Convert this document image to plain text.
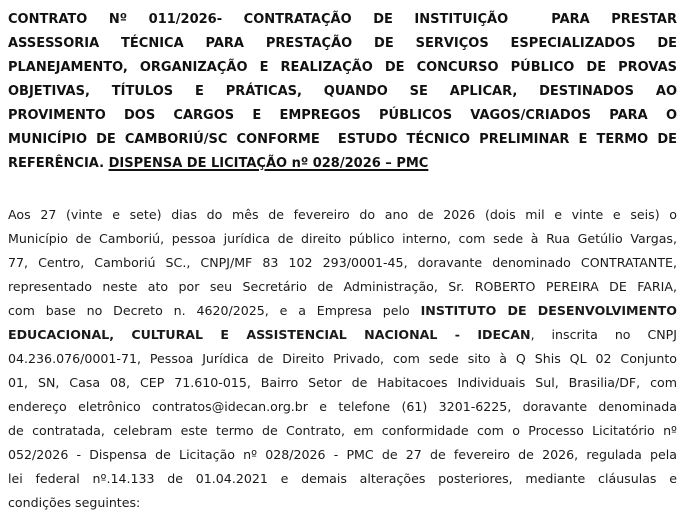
CONTRATO Nº 011/2026- CONTRATAÇÃO DE INSTITUIÇÃO  PARA PRESTAR
ASSESSORIA TÉCNICA PARA PRESTAÇÃO DE SERVIÇOS ESPECIALIZADOS DE
PLANEJAMENTO, ORGANIZAÇÃO E REALIZAÇÃO DE CONCURSO PÚBLICO DE PROVAS
OBJETIVAS, TÍTULOS E PRÁTICAS, QUANDO SE APLICAR, DESTINADOS AO
PROVIMENTO DOS CARGOS E EMPREGOS PÚBLICOS VAGOS/CRIADOS PARA O
MUNICÍPIO DE CAMBORIÚ/SC CONFORME  ESTUDO TÉCNICO PRELIMINAR E TERMO DE
REFERÊNCIA. DISPENSA DE LICITAÇÃO nº 028/2026 – PMC
Aos 27 (vinte e sete) dias do mês de fevereiro do ano de 2026 (dois mil e vinte e seis) o
Município de Camboriú, pessoa jurídica de direito público interno, com sede à Rua Getúlio Vargas,
77, Centro, Camboriú SC., CNPJ/MF 83 102 293/0001-45, doravante denominado CONTRATANTE,
representado neste ato por seu Secretário de Administração, Sr. ROBERTO PEREIRA DE FARIA,
com base no Decreto n. 4620/2025, e a Empresa pelo INSTITUTO DE DESENVOLVIMENTO
EDUCACIONAL, CULTURAL E ASSISTENCIAL NACIONAL - IDECAN, inscrita no CNPJ
04.236.076/0001-71, Pessoa Jurídica de Direito Privado, com sede sito à Q Shis QL 02 Conjunto
01, SN, Casa 08, CEP 71.610-015, Bairro Setor de Habitacoes Individuais Sul, Brasilia/DF, com
endereço eletrônico contratos@idecan.org.br e telefone (61) 3201-6225, doravante denominada
de contratada, celebram este termo de Contrato, em conformidade com o Processo Licitatório nº
052/2026 - Dispensa de Licitação nº 028/2026 - PMC de 27 de fevereiro de 2026, regulada pela
lei federal nº.14.133 de 01.04.2021 e demais alterações posteriores, mediante cláusulas e
condições seguintes:
